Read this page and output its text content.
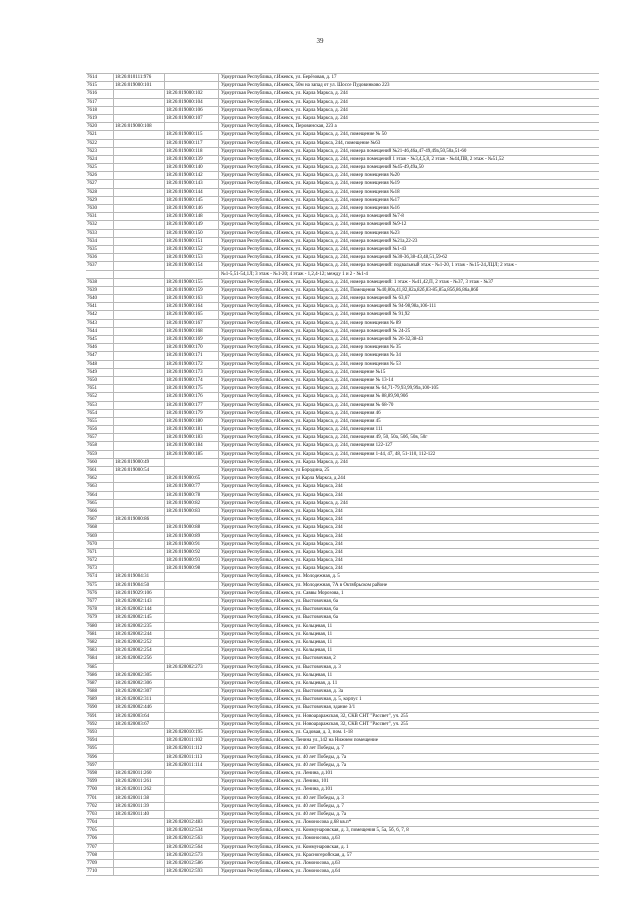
39
7614	18:26:010111:976	Удмуртская Республика, г.Ижевск, ул. Берёзовая, д. 17
7615	18:26:019000:101	Удмуртская Республика, г.Ижевск, 50м на запад от ул. Шоссе Пудовинково 223
7616	18:26:019000:102	Удмуртская Республика, г.Ижевск, ул. Карла Маркса, д. 244
7617	18:26:019000:104	Удмуртская Республика, г.Ижевск, ул. Карла Маркса, д. 244
7618	18:26:019000:106	Удмуртская Республика, г.Ижевск, ул. Карла Маркса, д. 244
7619	18:26:019000:107	Удмуртская Республика, г.Ижевск, ул. Карла Маркса, д. 244
7620	18:26:019000:108	Удмуртская Республика, г.Ижевск, Перовинская, 223 а
7621	18:26:019000:115	Удмуртская Республика, г.Ижевск, ул. Карла Маркса, д. 244, помещение № 50
7622	18:26:019000:117	Удмуртская Республика, г.Ижевск, ул. Карла Маркса, 244, помещение №63
7623	18:26:019000:118	Удмуртская Республика, г.Ижевск, ул. Карла Маркса, д. 244, номера помещений №21-46,46а,47-49,49а,50,50а,51-60
7624	18:26:019000:139	Удмуртская Республика, г.Ижевск, ул. Карла Маркса, д. 244, номера помещений 1 этаж - №3,4,5,8, 2 этаж - №44,ПВ, 2 этаж - №51,52
7625	18:26:019000:140	Удмуртская Республика, г.Ижевск, ул. Карла Маркса, д. 244, номера помещений №45-49,49а,50
7626	18:26:019000:142	Удмуртская Республика, г.Ижевск, ул. Карла Маркса, д. 244, номер помещения №20
7627	18:26:019000:143	Удмуртская Республика, г.Ижевск, ул. Карла Маркса, д. 244, номер помещения №19
7628	18:26:019000:144	Удмуртская Республика, г.Ижевск, ул. Карла Маркса, д. 244, номер помещения №18
7629	18:26:019000:145	Удмуртская Республика, г.Ижевск, ул. Карла Маркса, д. 244, номер помещения №17
7630	18:26:019000:146	Удмуртская Республика, г.Ижевск, ул. Карла Маркса, д. 244, номер помещения №16
7631	18:26:019000:148	Удмуртская Республика, г.Ижевск, ул. Карла Маркса, д. 244, номера помещений №7-8
7632	18:26:019000:149	Удмуртская Республика, г.Ижевск, ул. Карла Маркса, д. 244, номера помещений №9-12
7633	18:26:019000:150	Удмуртская Республика, г.Ижевск, ул. Карла Маркса, д. 244, номер помещения №23
7634	18:26:019000:151	Удмуртская Республика, г.Ижевск, ул. Карла Маркса, д. 244, номера помещений №21а,22-23
7635	18:26:019000:152	Удмуртская Республика, г.Ижевск, ул. Карла Маркса, д. 244, номера помещений №1-43
7636	18:26:019000:153	Удмуртская Республика, г.Ижевск, ул. Карла Маркса, д. 244, номера помещений №30-36,38-43,48,51,59-62
7637	18:26:019000:154	Удмуртская Республика, г.Ижевск, ул. Карла Маркса, д. 244, номера помещений: подвальный этаж - №1-20, 1 этаж - №15-24,ЛЦЛ; 2 этаж -
№1-5,51-54,1Л; 3 этаж - №1-20; 4 этаж - 1,2,4-12; между 1 и 2 - №1-4
7638	18:26:019000:155	Удмуртская Республика, г.Ижевск, ул. Карла Маркса, д. 244, номера помещений: 1 этаж - №41,42,П, 2 этаж - №37, 3 этаж - №37
7639	18:26:019000:159	Удмуртская Республика, г.Ижевск, ул. Карла Маркса, д. 244, Помещения №40,80а,41,82,82а,82б,83-85,85а,85б,86,86а,86б
7640	18:26:019000:163	Удмуртская Республика, г.Ижевск, ул. Карла Маркса, д. 244, номера помещений № 63,67
7641	18:26:019000:164	Удмуртская Республика, г.Ижевск, ул. Карла Маркса, д. 244, номера помещений № 94-98,98а,106-111
7642	18:26:019000:165	Удмуртская Республика, г.Ижевск, ул. Карла Маркса, д. 244, номера помещений № 91,92
7643	18:26:019000:167	Удмуртская Республика, г.Ижевск, ул. Карла Маркса, д. 244, номер помещения № 89
7644	18:26:019000:168	Удмуртская Республика, г.Ижевск, ул. Карла Маркса, д. 244, номера помещений № 24-25
7645	18:26:019000:169	Удмуртская Республика, г.Ижевск, ул. Карла Маркса, д. 244, номера помещений № 26-32,38-43
7646	18:26:019000:170	Удмуртская Республика, г.Ижевск, ул. Карла Маркса, д. 244, номер помещения № 35
7647	18:26:019000:171	Удмуртская Республика, г.Ижевск, ул. Карла Маркса, д. 244, номер помещения № 34
7648	18:26:019000:172	Удмуртская Республика, г.Ижевск, ул. Карла Маркса, д. 244, номер помещения № 53
7649	18:26:019000:173	Удмуртская Республика, г.Ижевск, ул. Карла Маркса, д. 244, помещение №15
7650	18:26:019000:174	Удмуртская Республика, г.Ижевск, ул. Карла Маркса, д. 244, помещение № 13-14
7651	18:26:019000:175	Удмуртская Республика, г.Ижевск, ул. Карла Маркса, д. 244, помещения № 64,71-79,93,99,99а,100-105
7652	18:26:019000:176	Удмуртская Республика, г.Ижевск, ул. Карла Маркса, д. 244, помещения № 88,89,90,90б
7653	18:26:019000:177	Удмуртская Республика, г.Ижевск, ул. Карла Маркса, д. 244, помещения № 68-70
7654	18:26:019000:179	Удмуртская Республика, г.Ижевск, ул. Карла Маркса, д. 244, помещения 46
7655	18:26:019000:180	Удмуртская Республика, г.Ижевск, ул. Карла Маркса, д. 244, помещения 45
7656	18:26:019000:181	Удмуртская Республика, г.Ижевск, ул. Карла Маркса, д. 244, помещения 111
7657	18:26:019000:183	Удмуртская Республика, г.Ижевск, ул. Карла Маркса, д. 244, помещения 49, 50, 50а, 50б, 50в, 50г
7658	18:26:019000:184	Удмуртская Республика, г.Ижевск, ул. Карла Маркса, д. 244, помещения 122-127
7659	18:26:019000:185	Удмуртская Республика, г.Ижевск, ул. Карла Маркса, д. 244, помещения 1-44, 47, 48, 51-110, 112-122
7660	18:26:019000:49	Удмуртская Республика, г.Ижевск, ул. Карла Маркса, д. 244
7661	18:26:019000:54	Удмуртская Республика, г.Ижевск, ул Бородина, 25
7662	18:26:019000:65	Удмуртская Республика, г.Ижевск, ул Карла Маркса, д.244
7663	18:26:019000:77	Удмуртская Республика, г.Ижевск, ул. Карла Маркса, 244
7664	18:26:019000:78	Удмуртская Республика, г.Ижевск, ул. Карла Маркса, 244
7665	18:26:019000:82	Удмуртская Республика, г.Ижевск, ул. Карла Маркса, д. 244
7666	18:26:019000:83	Удмуртская Республика, г.Ижевск, ул. Карла Маркса, 244
7667	18:26:019000:86	Удмуртская Республика, г.Ижевск, ул. Карла Маркса, 244
7668	18:26:019000:88	Удмуртская Республика, г.Ижевск, ул. Карла Маркса, 244
7669	18:26:019000:89	Удмуртская Республика, г.Ижевск, ул. Карла Маркса, 244
7670	18:26:019000:91	Удмуртская Республика, г.Ижевск, ул. Карла Маркса, 244
7671	18:26:019000:92	Удмуртская Республика, г.Ижевск, ул. Карла Маркса, 244
7672	18:26:019000:93	Удмуртская Республика, г.Ижевск, ул. Карла Маркса, 244
7673	18:26:019000:98	Удмуртская Республика, г.Ижевск, ул. Карла Маркса, 244
7674	18:26:019004:31	Удмуртская Республика, г.Ижевск, ул. Молодежная, д. 5
7675	18:26:019004:50	Удмуртская Республика, г.Ижевск, ул. Молодежная, 7А в Октябрьском районе
7676	18:26:019029:106	Удмуртская Республика, г.Ижевск, ул. Саввы Морозова, 1
7677	18:26:020002:143	Удмуртская Республика, г.Ижевск, ул. Выстовочная, 6а
7678	18:26:020002:144	Удмуртская Республика, г.Ижевск, ул. Выстовочная, 6а
7679	18:26:020002:145	Удмуртская Республика, г.Ижевск, ул. Выстовочная, 6а
7680	18:26:020002:235	Удмуртская Республика, г.Ижевск, ул. Кольцевая, 11
7681	18:26:020002:244	Удмуртская Республика, г.Ижевск, ул. Кольцевая, 11
7682	18:26:020002:252	Удмуртская Республика, г.Ижевск, ул. Кольцевая, 11
7683	18:26:020002:254	Удмуртская Республика, г.Ижевск, ул. Кольцевая, 11
7684	18:26:020002:256	Удмуртская Республика, г.Ижевск, ул. Выстовочная, 2
7685	18:26:020002:273	Удмуртская Республика, г.Ижевск, ул. Выстовочная, д. 3
7686	18:26:020002:305	Удмуртская Республика, г.Ижевск, ул. Кольцевая, 11
7687	18:26:020002:306	Удмуртская Республика, г.Ижевск, ул. Кольцевая, д. 11
7688	18:26:020002:307	Удмуртская Республика, г.Ижевск, ул. Выстовочная, д. 3а
7689	18:26:020002:311	Удмуртская Республика, г.Ижевск, ул. Выстовочная, д. 5, корпус 1
7690	18:26:020002:446	Удмуртская Республика, г.Ижевск, ул. Выстовочная, здание 3/1
7691	18:26:020003:64	Удмуртская Республика, г.Ижевск, ул. Новоараражская, 32, СКВ СНТ "Рассвет", уч. 255
7692	18:26:020003:67	Удмуртская Республика, г.Ижевск, ул. Новоараражская, 32, СКВ СНТ "Рассвет", уч. 255
7693	18:26:020010:195	Удмуртская Республика, г.Ижевск, ул. Садовая, д. 3, пом. 1-18
7694	18:26:020011:102	Удмуртская Республика, г.Ижевск, Ленина ул.,142 на Нижнем помещение
7695	18:26:020011:112	Удмуртская Республика, г.Ижевск, ул. 40 лет Победы, д. 7
7696	18:26:020011:113	Удмуртская Республика, г.Ижевск, ул. 40 лет Победы, д. 7а
7697	18:26:020011:114	Удмуртская Республика, г.Ижевск, ул. 40 лет Победы, д. 7а
7698	18:26:020011:260	Удмуртская Республика, г.Ижевск, ул. Ленина, д.101
7699	18:26:020011:261	Удмуртская Республика, г.Ижевск, ул. Ленина, 101
7700	18:26:020011:262	Удмуртская Республика, г.Ижевск, ул. Ленина, д.101
7701	18:26:020011:38	Удмуртская Республика, г.Ижевск, ул. 40 лет Победы, д. 3
7702	18:26:020011:39	Удмуртская Республика, г.Ижевск, ул. 40 лет Победы, д. 7
7703	18:26:020011:40	Удмуртская Республика, г.Ижевск, ул. 40 лет Победы, д. 7а
7704	18:26:020012:483	Удмуртская Республика, г.Ижевск, ул. Ломоносова д.68 кв.п*
7705	18:26:020012:534	Удмуртская Республика, г.Ижевск, ул. Коммунаровская, д. 3, помещения 5, 5а, 5б, 6, 7, 8
7706	18:26:020012:563	Удмуртская Республика, г.Ижевск, ул. Ломоносова, д.63
7707	18:26:020012:564	Удмуртская Республика, г.Ижевск, ул. Коммунаровская, д. 1
7708	18:26:020012:573	Удмуртская Республика, г.Ижевск, ул. Красногеройская, д. 57
7709	18:26:020012:586	Удмуртская Республика, г.Ижевск, ул. Ломоносова, д.63
7710	18:26:020012:593	Удмуртская Республика, г.Ижевск, ул. Ломоносова, д.64
